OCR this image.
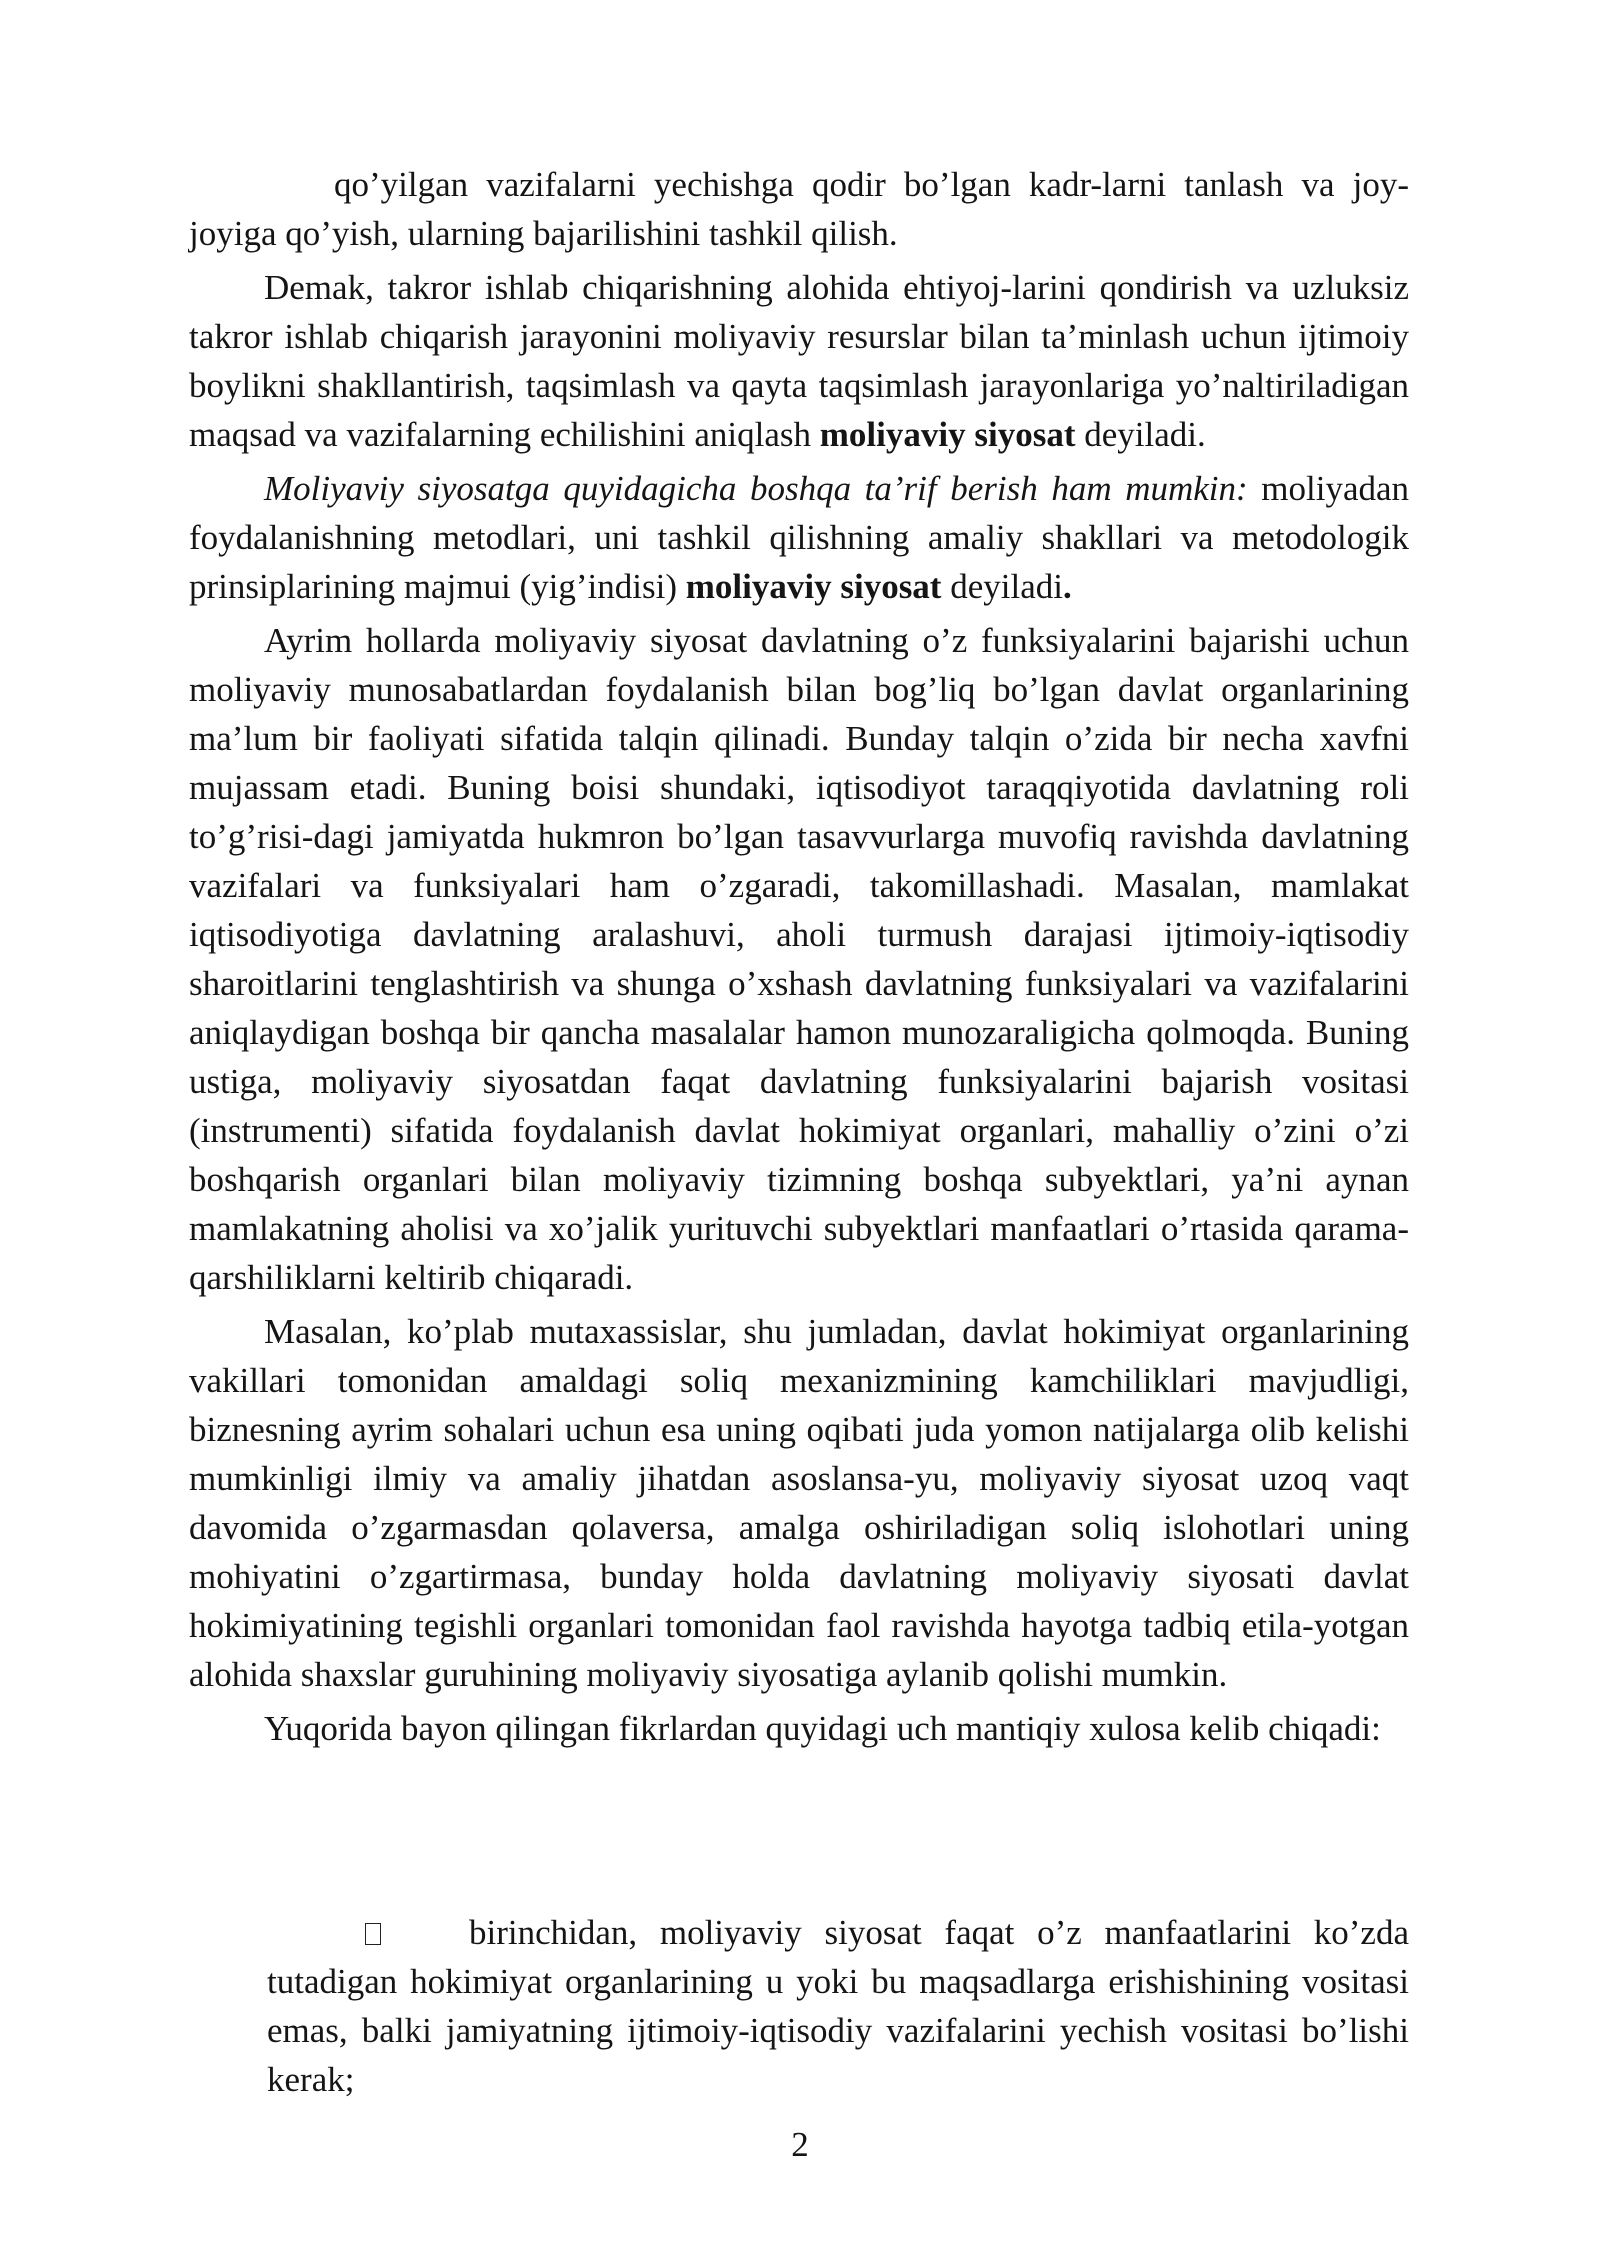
qo’yilgan vazifalarni yechishga qodir bo’lgan kadr-larni tanlash va joy-joyiga qo’yish, ularning bajarilishini tashkil qilish.

Demak, takror ishlab chiqarishning alohida ehtiyoj-larini qondirish va uzluksiz takror ishlab chiqarish jarayonini moliyaviy resurslar bilan ta’minlash uchun ijtimoiy boylikni shakllantirish, taqsimlash va qayta taqsimlash jarayonlariga yo’naltiriladigan maqsad va vazifalarning echilishini aniqlash moliyaviy siyosat deyiladi.

Moliyaviy siyosatga quyidagicha boshqa ta’rif berish ham mumkin: moliyadan foydalanishning metodlari, uni tashkil qilishning amaliy shakllari va metodologik prinsiplarining majmui (yig’indisi) moliyaviy siyosat deyiladi.

Ayrim hollarda moliyaviy siyosat davlatning o’z funksiyalarini bajarishi uchun moliyaviy munosabatlardan foydalanish bilan bog’liq bo’lgan davlat organlarining ma’lum bir faoliyati sifatida talqin qilinadi. Bunday talqin o’zida bir necha xavfni mujassam etadi. Buning boisi shundaki, iqtisodiyot taraqqiyotida davlatning roli to’g’risi-dagi jamiyatda hukmron bo’lgan tasavvurlarga muvofiq ravishda davlatning vazifalari va funksiyalari ham o’zgaradi, takomillashadi. Masalan, mamlakat iqtisodiyotiga davlatning aralashuvi, aholi turmush darajasi ijtimoiy-iqtisodiy sharoitlarini tenglashtirish va shunga o’xshash davlatning funksiyalari va vazifalarini aniqlaydigan boshqa bir qancha masalalar hamon munozaraligicha qolmoqda. Buning ustiga, moliyaviy siyosatdan faqat davlatning funksiyalarini bajarish vositasi (instrumenti) sifatida foydalanish davlat hokimiyat organlari, mahalliy o’zini o’zi boshqarish organlari bilan moliyaviy tizimning boshqa subyektlari, ya’ni aynan mamlakatning aholisi va xo’jalik yurituvchi subyektlari manfaatlari o’rtasida qarama-qarshiliklarni keltirib chiqaradi.

Masalan, ko’plab mutaxassislar, shu jumladan, davlat hokimiyat organlarining vakillari tomonidan amaldagi soliq mexanizmining kamchiliklari mavjudligi, biznesning ayrim sohalari uchun esa uning oqibati juda yomon natijalarga olib kelishi mumkinligi ilmiy va amaliy jihatdan asoslansa-yu, moliyaviy siyosat uzoq vaqt davomida o’zgarmasdan qolaversa, amalga oshiriladigan soliq islohotlari uning mohiyatini o’zgartirmasa, bunday holda davlatning moliyaviy siyosati davlat hokimiyatining tegishli organlari tomonidan faol ravishda hayotga tadbiq etila-yotgan alohida shaxslar guruhining moliyaviy siyosatiga aylanib qolishi mumkin.

Yuqorida bayon qilingan fikrlardan quyidagi uch mantiqiy xulosa kelib chiqadi:

birinchidan, moliyaviy siyosat faqat o’z manfaatlarini ko’zda tutadigan hokimiyat organlarining u yoki bu maqsadlarga erishishining vositasi emas, balki jamiyatning ijtimoiy-iqtisodiy vazifalarini yechish vositasi bo’lishi kerak;

2
